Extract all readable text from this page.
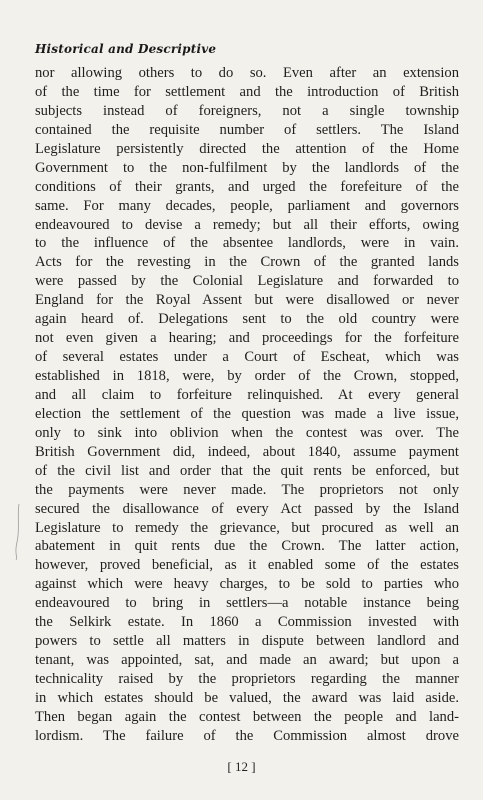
Historical and Descriptive
nor allowing others to do so. Even after an extension
of the time for settlement and the introduction of British
subjects instead of foreigners, not a single township
contained the requisite number of settlers. The Island
Legislature persistently directed the attention of the Home
Government to the non-fulfilment by the landlords of the
conditions of their grants, and urged the forefeiture of the
same. For many decades, people, parliament and governors
endeavoured to devise a remedy; but all their efforts, owing
to the influence of the absentee landlords, were in vain.
Acts for the revesting in the Crown of the granted lands
were passed by the Colonial Legislature and forwarded to
England for the Royal Assent but were disallowed or never
again heard of. Delegations sent to the old country were
not even given a hearing; and proceedings for the forfeiture
of several estates under a Court of Escheat, which was
established in 1818, were, by order of the Crown, stopped,
and all claim to forfeiture relinquished. At every general
election the settlement of the question was made a live issue,
only to sink into oblivion when the contest was over. The
British Government did, indeed, about 1840, assume payment
of the civil list and order that the quit rents be enforced, but
the payments were never made. The proprietors not only
secured the disallowance of every Act passed by the Island
Legislature to remedy the grievance, but procured as well an
abatement in quit rents due the Crown. The latter action,
however, proved beneficial, as it enabled some of the estates
against which were heavy charges, to be sold to parties who
endeavoured to bring in settlers—a notable instance being
the Selkirk estate. In 1860 a Commission invested with
powers to settle all matters in dispute between landlord and
tenant, was appointed, sat, and made an award; but upon a
technicality raised by the proprietors regarding the manner
in which estates should be valued, the award was laid aside.
Then began again the contest between the people and land-
lordism. The failure of the Commission almost drove
[ 12 ]
